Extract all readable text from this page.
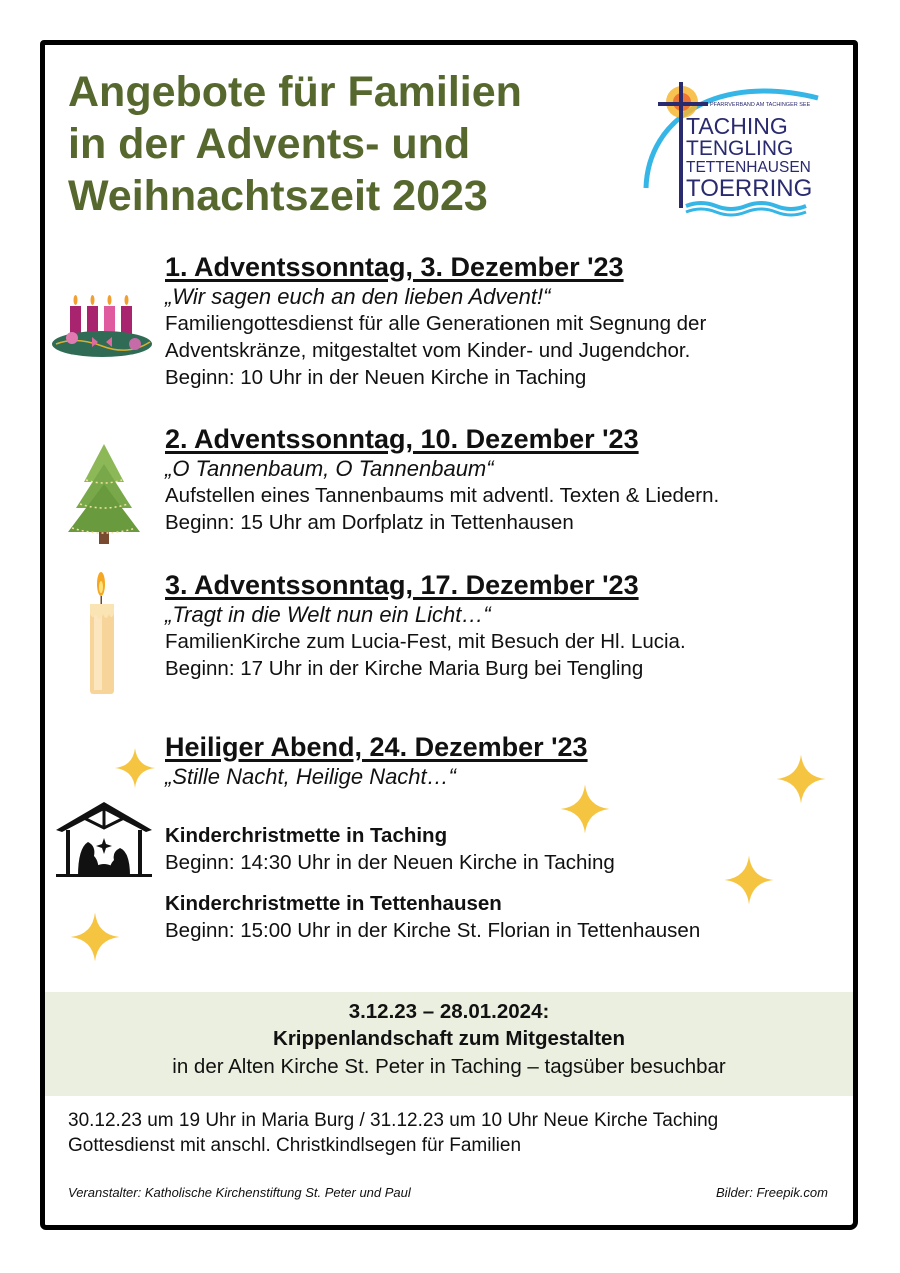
Angebote für Familien
in der Advents- und
Weihnachtszeit 2023
PFARRVERBAND AM TACHINGER SEE
TACHING
TENGLING
TETTENHAUSEN
TOERRING
1. Adventssonntag, 3. Dezember '23
„Wir sagen euch an den lieben Advent!“
Familiengottesdienst für alle Generationen mit Segnung der
Adventskränze, mitgestaltet vom Kinder- und Jugendchor.
Beginn: 10 Uhr in der Neuen Kirche in Taching
2. Adventssonntag, 10. Dezember '23
„O Tannenbaum, O Tannenbaum“
Aufstellen eines Tannenbaums mit adventl. Texten & Liedern.
Beginn: 15 Uhr am Dorfplatz in Tettenhausen
3. Adventssonntag, 17. Dezember '23
„Tragt in die Welt nun ein Licht…“
FamilienKirche zum Lucia-Fest, mit Besuch der Hl. Lucia.
Beginn: 17 Uhr in der Kirche Maria Burg bei Tengling
Heiliger Abend, 24. Dezember '23
„Stille Nacht, Heilige Nacht…“
Kinderchristmette in Taching
Beginn: 14:30 Uhr in der Neuen Kirche in Taching
Kinderchristmette in Tettenhausen
Beginn: 15:00 Uhr in der Kirche St. Florian in Tettenhausen
3.12.23 – 28.01.2024:
Krippenlandschaft zum Mitgestalten
in der Alten Kirche St. Peter in Taching – tagsüber besuchbar
30.12.23 um 19 Uhr in Maria Burg / 31.12.23 um 10 Uhr Neue Kirche Taching
Gottesdienst mit anschl. Christkindlsegen für Familien
Veranstalter: Katholische Kirchenstiftung St. Peter und Paul	Bilder: Freepik.com
